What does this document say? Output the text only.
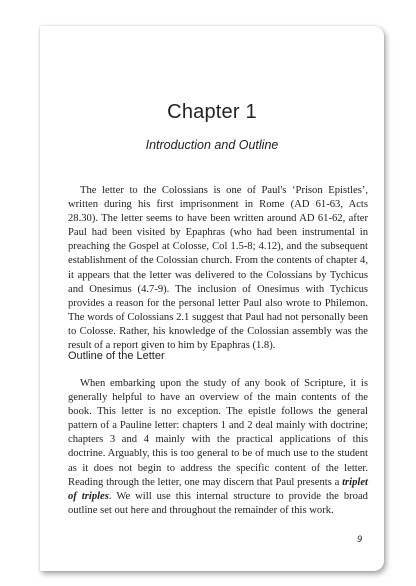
Chapter 1
Introduction and Outline

The letter to the Colossians is one of Paul's ‘Prison Epistles’, written during his first imprisonment in Rome (AD 61-63, Acts 28.30). The letter seems to have been written around AD 61-62, after Paul had been visited by Epaphras (who had been instrumental in preaching the Gospel at Colosse, Col 1.5-8; 4.12), and the subsequent establishment of the Colossian church. From the contents of chapter 4, it appears that the letter was delivered to the Colossians by Tychicus and Onesimus (4.7-9). The inclusion of Onesimus with Tychicus provides a reason for the personal letter Paul also wrote to Philemon. The words of Colossians 2.1 suggest that Paul had not personally been to Colosse. Rather, his knowledge of the Colossian assembly was the result of a report given to him by Epaphras (1.8).

Outline of the Letter

When embarking upon the study of any book of Scripture, it is generally helpful to have an overview of the main contents of the book. This letter is no exception. The epistle follows the general pattern of a Pauline letter: chapters 1 and 2 deal mainly with doctrine; chapters 3 and 4 mainly with the practical applications of this doctrine. Arguably, this is too general to be of much use to the student as it does not begin to address the specific content of the letter. Reading through the letter, one may discern that Paul presents a triplet of triples. We will use this internal structure to provide the broad outline set out here and throughout the remainder of this work.

9
